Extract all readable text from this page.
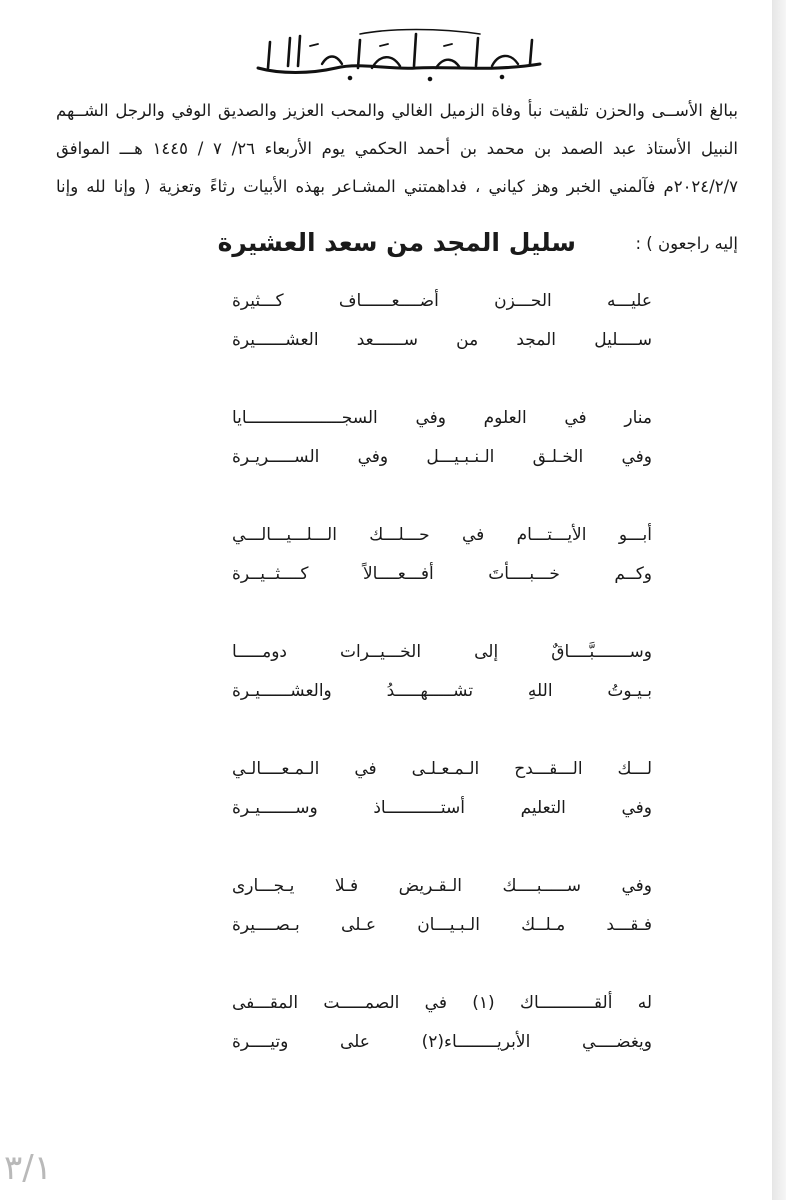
ببالغ الأســى والحزن تلقيت نبأ وفاة الزميل الغالي والمحب العزيز والصديق الوفي والرجل الشــهم

النبيل الأستاذ عبد الصمد بن محمد بن أحمد الحكمي يوم الأربعاء ٢٦/ ٧ / ١٤٤٥ هـــ الموافق

٢٠٢٤/٢/٧م فآلمني الخبر وهز كياني ، فداهمتني المشـاعر بهذه الأبيات رثاءً وتعزية ( وإنا لله وإنا

إليه راجعون ) :
سليل المجد من سعد العشيرة
عليـــه الحـــزن أضــــعــــــاف كـــثيرة
ســــليل المجد من ســــــعد العشــــــيرة
منار في العلوم وفي السجـــــــــــــــــــايا
وفي الخـلـق الـنـبـيـــل وفي الســـــريـرة
أبـــو الأيـــتـــام في حـــلـــك الـــلـــيـــالـــي
وكــم خـــبــــأتَ أفـــعــــالاً كــــثــيــرة
وســـــــبَّــــاقٌ إلى الخـــيــرات دومـــــا
بـيـوتُ اللهِ تشـــــهـــــدُ والعشــــــيـرة
لـــك الـــقـــدح الـمـعـلـى في الـمـعــــالـي
وفي التعليم أستـــــــــــاذ وســـــــيـرة
وفي ســـــبــــك الـقـريض فـلا يـجـــارى
فـقـــد مـلــك الـبـيـــان عـلى بـصــــيرة
له ألقـــــــــــاك (١) في الصمـــــت المقـــفى
ويغضــــي الأبريــــــــاء(٢) على وتيــــرة
٣/١
